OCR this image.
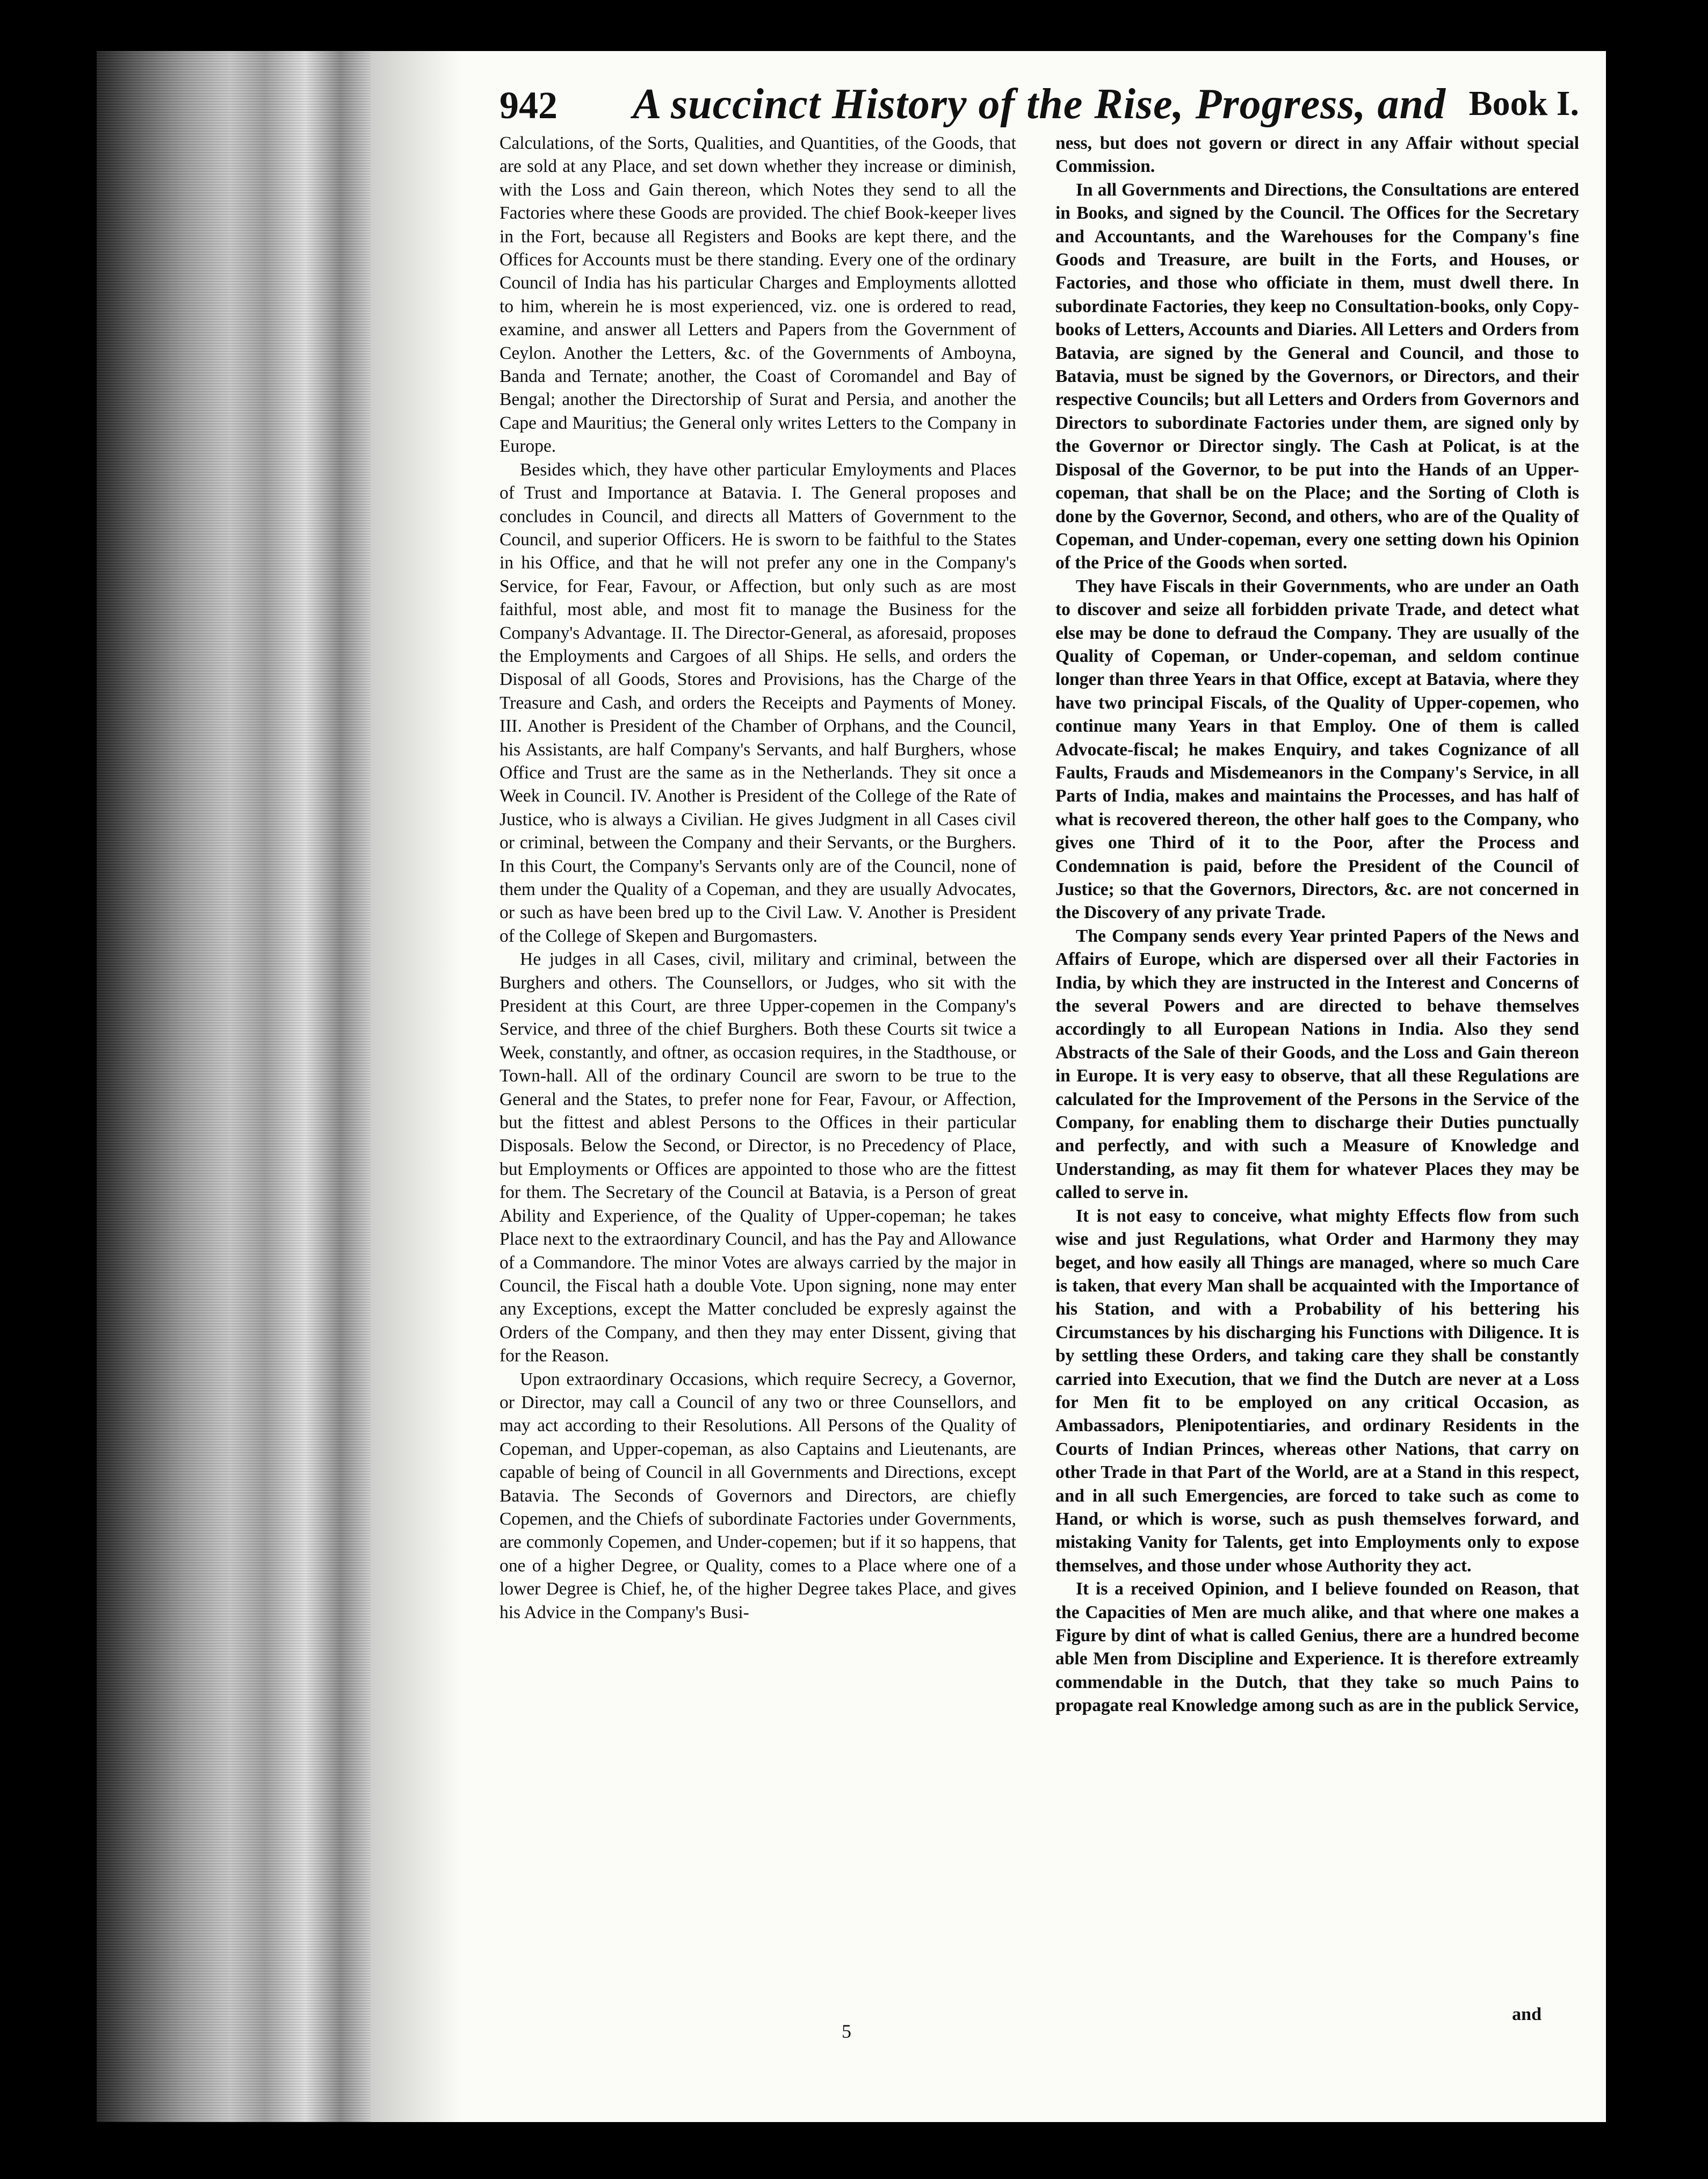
942	A succinct History of the Rise, Progress, and Book I.

Calculations, of the Sorts, Qualities, and Quantities, of the Goods, that are sold at any Place, and set down whether they increase or diminish, with the Loss and Gain thereon, which Notes they send to all the Factories where these Goods are provided. The chief Book-keeper lives in the Fort, because all Registers and Books are kept there, and the Offices for Accounts must be there standing. Every one of the ordinary Council of India has his particular Charges and Employments allotted to him, wherein he is most experienced, viz. one is ordered to read, examine, and answer all Letters and Papers from the Government of Ceylon. Another the Letters, &c. of the Governments of Amboyna, Banda and Ternate; another, the Coast of Coromandel and Bay of Bengal; another the Directorship of Surat and Persia, and another the Cape and Mauritius; the General only writes Letters to the Company in Europe.

Besides which, they have other particular Emyloyments and Places of Trust and Importance at Batavia. I. The General proposes and concludes in Council, and directs all Matters of Government to the Council, and superior Officers. He is sworn to be faithful to the States in his Office, and that he will not prefer any one in the Company's Service, for Fear, Favour, or Affection, but only such as are most faithful, most able, and most fit to manage the Business for the Company's Advantage. II. The Director-General, as aforesaid, proposes the Employments and Cargoes of all Ships. He sells, and orders the Disposal of all Goods, Stores and Provisions, has the Charge of the Treasure and Cash, and orders the Receipts and Payments of Money. III. Another is President of the Chamber of Orphans, and the Council, his Assistants, are half Company's Servants, and half Burghers, whose Office and Trust are the same as in the Netherlands. They sit once a Week in Council. IV. Another is President of the College of the Rate of Justice, who is always a Civilian. He gives Judgment in all Cases civil or criminal, between the Company and their Servants, or the Burghers. In this Court, the Company's Servants only are of the Council, none of them under the Quality of a Copeman, and they are usually Advocates, or such as have been bred up to the Civil Law. V. Another is President of the College of Skepen and Burgomasters.

He judges in all Cases, civil, military and criminal, between the Burghers and others. The Counsellors, or Judges, who sit with the President at this Court, are three Upper-copemen in the Company's Service, and three of the chief Burghers. Both these Courts sit twice a Week, constantly, and oftner, as occasion requires, in the Stadthouse, or Town-hall. All of the ordinary Council are sworn to be true to the General and the States, to prefer none for Fear, Favour, or Affection, but the fittest and ablest Persons to the Offices in their particular Disposals. Below the Second, or Director, is no Precedency of Place, but Employments or Offices are appointed to those who are the fittest for them. The Secretary of the Council at Batavia, is a Person of great Ability and Experience, of the Quality of Upper-copeman; he takes Place next to the extraordinary Council, and has the Pay and Allowance of a Commandore. The minor Votes are always carried by the major in Council, the Fiscal hath a double Vote. Upon signing, none may enter any Exceptions, except the Matter concluded be expresly against the Orders of the Company, and then they may enter Dissent, giving that for the Reason.

Upon extraordinary Occasions, which require Secrecy, a Governor, or Director, may call a Council of any two or three Counsellors, and may act according to their Resolutions. All Persons of the Quality of Copeman, and Upper-copeman, as also Captains and Lieutenants, are capable of being of Council in all Governments and Directions, except Batavia. The Seconds of Governors and Directors, are chiefly Copemen, and the Chiefs of subordinate Factories under Governments, are commonly Copemen, and Under-copemen; but if it so happens, that one of a higher Degree, or Quality, comes to a Place where one of a lower Degree is Chief, he, of the higher Degree takes Place, and gives his Advice in the Company's Busi-

ness, but does not govern or direct in any Affair without special Commission.

In all Governments and Directions, the Consultations are entered in Books, and signed by the Council. The Offices for the Secretary and Accountants, and the Warehouses for the Company's fine Goods and Treasure, are built in the Forts, and Houses, or Factories, and those who officiate in them, must dwell there. In subordinate Factories, they keep no Consultation-books, only Copy-books of Letters, Accounts and Diaries. All Letters and Orders from Batavia, are signed by the General and Council, and those to Batavia, must be signed by the Governors, or Directors, and their respective Councils; but all Letters and Orders from Governors and Directors to subordinate Factories under them, are signed only by the Governor or Director singly. The Cash at Policat, is at the Disposal of the Governor, to be put into the Hands of an Upper-copeman, that shall be on the Place; and the Sorting of Cloth is done by the Governor, Second, and others, who are of the Quality of Copeman, and Under-copeman, every one setting down his Opinion of the Price of the Goods when sorted.

They have Fiscals in their Governments, who are under an Oath to discover and seize all forbidden private Trade, and detect what else may be done to defraud the Company. They are usually of the Quality of Copeman, or Under-copeman, and seldom continue longer than three Years in that Office, except at Batavia, where they have two principal Fiscals, of the Quality of Upper-copemen, who continue many Years in that Employ. One of them is called Advocate-fiscal; he makes Enquiry, and takes Cognizance of all Faults, Frauds and Misdemeanors in the Company's Service, in all Parts of India, makes and maintains the Processes, and has half of what is recovered thereon, the other half goes to the Company, who gives one Third of it to the Poor, after the Process and Condemnation is paid, before the President of the Council of Justice; so that the Governors, Directors, &c. are not concerned in the Discovery of any private Trade.

The Company sends every Year printed Papers of the News and Affairs of Europe, which are dispersed over all their Factories in India, by which they are instructed in the Interest and Concerns of the several Powers and are directed to behave themselves accordingly to all European Nations in India. Also they send Abstracts of the Sale of their Goods, and the Loss and Gain thereon in Europe. It is very easy to observe, that all these Regulations are calculated for the Improvement of the Persons in the Service of the Company, for enabling them to discharge their Duties punctually and perfectly, and with such a Measure of Knowledge and Understanding, as may fit them for whatever Places they may be called to serve in.

It is not easy to conceive, what mighty Effects flow from such wise and just Regulations, what Order and Harmony they may beget, and how easily all Things are managed, where so much Care is taken, that every Man shall be acquainted with the Importance of his Station, and with a Probability of his bettering his Circumstances by his discharging his Functions with Diligence. It is by settling these Orders, and taking care they shall be constantly carried into Execution, that we find the Dutch are never at a Loss for Men fit to be employed on any critical Occasion, as Ambassadors, Plenipotentiaries, and ordinary Residents in the Courts of Indian Princes, whereas other Nations, that carry on other Trade in that Part of the World, are at a Stand in this respect, and in all such Emergencies, are forced to take such as come to Hand, or which is worse, such as push themselves forward, and mistaking Vanity for Talents, get into Employments only to expose themselves, and those under whose Authority they act.

It is a received Opinion, and I believe founded on Reason, that the Capacities of Men are much alike, and that where one makes a Figure by dint of what is called Genius, there are a hundred become able Men from Discipline and Experience. It is therefore extreamly commendable in the Dutch, that they take so much Pains to propagate real Knowledge among such as are in the publick Service,

and
5
